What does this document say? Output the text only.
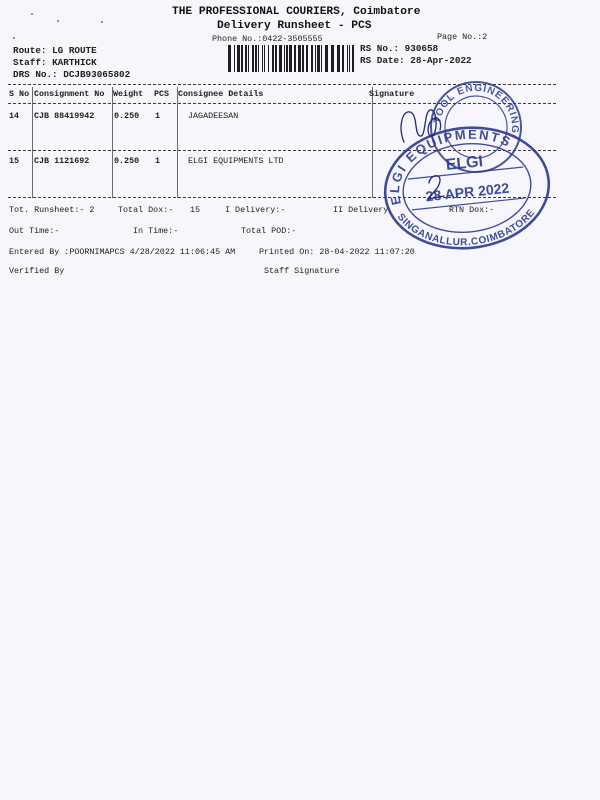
THE PROFESSIONAL COURIERS, Coimbatore
Delivery Runsheet - PCS
Phone No.:0422-3505555	Page No.:2
Route: LG ROUTE
Staff: KARTHICK
DRS No.: DCJB93065802
RS No.: 930658
RS Date: 28-Apr-2022
S No Consignment No Weight PCS Consignee Details	Signature
14 CJB 88419942 0.250 1	JAGADEESAN
15 CJB 1121692	0.250 1	ELGI EQUIPMENTS LTD
Tot. Runsheet:- 2	Total Dox:- 15	I Delivery:-	II Delivery	RTN Dox:-
Out Time:-	In Time:-	Total POD:-
Entered By :POORNIMAPCS 4/28/2022 11:06:45 AM	Printed On: 28-04-2022 11:07:20
Verified By	Staff Signature
TOOL ENGINEERING
ELGI EQUIPMENTS
SINGANALLUR.COIMBATORE
ELGI
28 APR 2022
